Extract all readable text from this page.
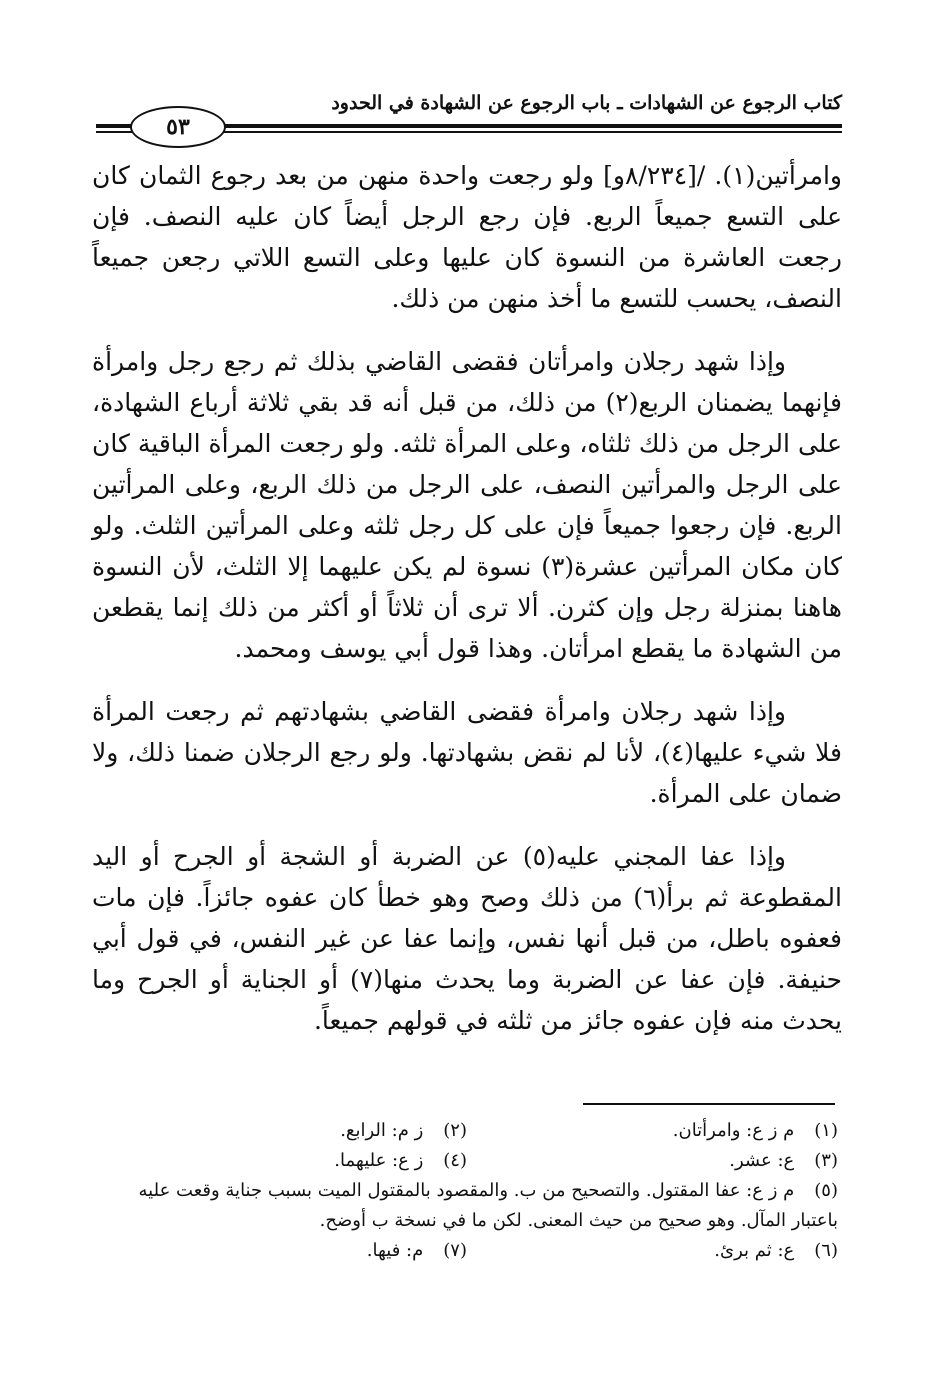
كتاب الرجوع عن الشهادات ـ باب الرجوع عن الشهادة في الحدود
٥٣

وامرأتين(١). /[٨/٢٣٤و] ولو رجعت واحدة منهن من بعد رجوع الثمان كان على التسع جميعاً الربع. فإن رجع الرجل أيضاً كان عليه النصف. فإن رجعت العاشرة من النسوة كان عليها وعلى التسع اللاتي رجعن جميعاً النصف، يحسب للتسع ما أخذ منهن من ذلك.

وإذا شهد رجلان وامرأتان فقضى القاضي بذلك ثم رجع رجل وامرأة فإنهما يضمنان الربع(٢) من ذلك، من قبل أنه قد بقي ثلاثة أرباع الشهادة، على الرجل من ذلك ثلثاه، وعلى المرأة ثلثه. ولو رجعت المرأة الباقية كان على الرجل والمرأتين النصف، على الرجل من ذلك الربع، وعلى المرأتين الربع. فإن رجعوا جميعاً فإن على كل رجل ثلثه وعلى المرأتين الثلث. ولو كان مكان المرأتين عشرة(٣) نسوة لم يكن عليهما إلا الثلث، لأن النسوة هاهنا بمنزلة رجل وإن كثرن. ألا ترى أن ثلاثاً أو أكثر من ذلك إنما يقطعن من الشهادة ما يقطع امرأتان. وهذا قول أبي يوسف ومحمد.

وإذا شهد رجلان وامرأة فقضى القاضي بشهادتهم ثم رجعت المرأة فلا شيء عليها(٤)، لأنا لم نقض بشهادتها. ولو رجع الرجلان ضمنا ذلك، ولا ضمان على المرأة.

وإذا عفا المجني عليه(٥) عن الضربة أو الشجة أو الجرح أو اليد المقطوعة ثم برأ(٦) من ذلك وصح وهو خطأ كان عفوه جائزاً. فإن مات فعفوه باطل، من قبل أنها نفس، وإنما عفا عن غير النفس، في قول أبي حنيفة. فإن عفا عن الضربة وما يحدث منها(٧) أو الجناية أو الجرح وما يحدث منه فإن عفوه جائز من ثلثه في قولهم جميعاً.

(١) م ز ع: وامرأتان.
(٢) ز م: الرابع.
(٣) ع: عشر.
(٤) ز ع: عليهما.
(٥) م ز ع: عفا المقتول. والتصحيح من ب. والمقصود بالمقتول الميت بسبب جناية وقعت عليه باعتبار المآل. وهو صحيح من حيث المعنى. لكن ما في نسخة ب أوضح.
(٦) ع: ثم برئ.
(٧) م: فيها.
